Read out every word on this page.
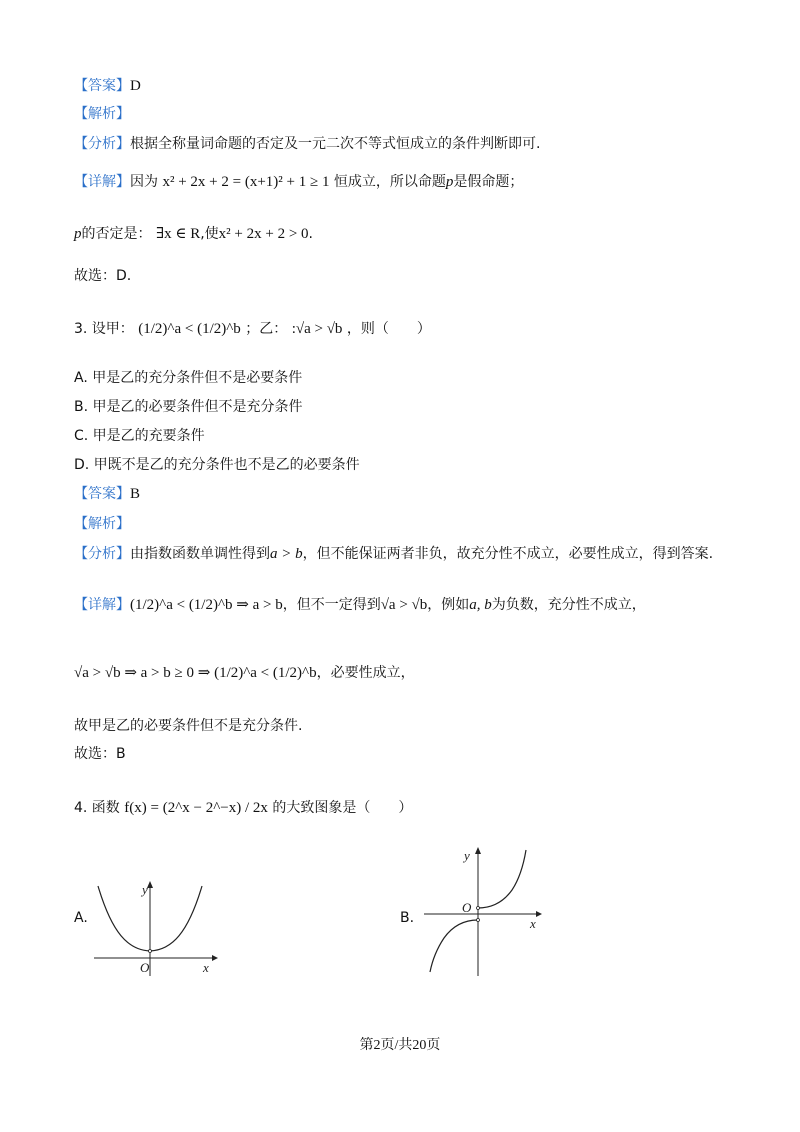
【答案】D
【解析】
【分析】根据全称量词命题的否定及一元二次不等式恒成立的条件判断即可.
【详解】因为 x² + 2x + 2 = (x+1)² + 1 ≥ 1 恒成立，所以命题p是假命题；
p的否定是： ∃x ∈ R,使x² + 2x + 2 > 0.
故选：D.
3. 设甲： (1/2)^a < (1/2)^b ；乙： :√a > √b ，则（　　）
A. 甲是乙的充分条件但不是必要条件
B. 甲是乙的必要条件但不是充分条件
C. 甲是乙的充要条件
D. 甲既不是乙的充分条件也不是乙的必要条件
【答案】B
【解析】
【分析】由指数函数单调性得到a > b，但不能保证两者非负，故充分性不成立，必要性成立，得到答案.
【详解】(1/2)^a < (1/2)^b ⇒ a > b，但不一定得到√a > √b，例如a, b为负数，充分性不成立，
√a > √b ⇒ a > b ≥ 0 ⇒ (1/2)^a < (1/2)^b，必要性成立，
故甲是乙的必要条件但不是充分条件.
故选：B
4. 函数 f(x) = (2^x − 2^−x) / 2x 的大致图象是（　　）
A.
O	x
y
B.
O
x
y
第2页/共20页
